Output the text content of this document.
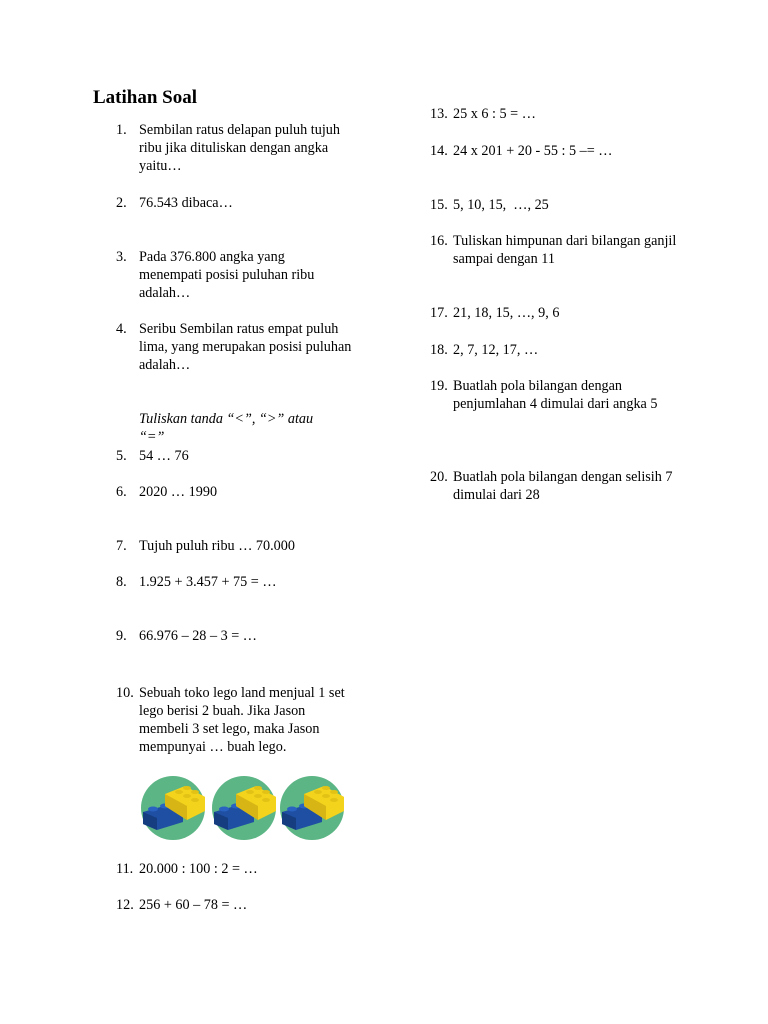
Latihan Soal
1. Sembilan ratus delapan puluh tujuh ribu jika dituliskan dengan angka yaitu…
2. 76.543 dibaca…
3. Pada 376.800 angka yang menempati posisi puluhan ribu adalah…
4. Seribu Sembilan ratus empat puluh lima, yang merupakan posisi puluhan adalah…
Tuliskan tanda “<”, “>” atau “=”
5. 54 … 76
6. 2020 … 1990
7. Tujuh puluh ribu … 70.000
8. 1.925 + 3.457 + 75 = …
9. 66.976 – 28 – 3 = …
10. Sebuah toko lego land menjual 1 set lego berisi 2 buah. Jika Jason membeli 3 set lego, maka Jason mempunyai … buah lego.
11. 20.000 : 100 : 2 = …
12. 256 + 60 – 78 = …
13. 25 x 6 : 5 = …
14. 24 x 201 + 20 - 55 : 5 –= …
15. 5, 10, 15,  …, 25
16. Tuliskan himpunan dari bilangan ganjil sampai dengan 11
17. 21, 18, 15, …, 9, 6
18. 2, 7, 12, 17, …
19. Buatlah pola bilangan dengan penjumlahan 4 dimulai dari angka 5
20. Buatlah pola bilangan dengan selisih 7 dimulai dari 28
